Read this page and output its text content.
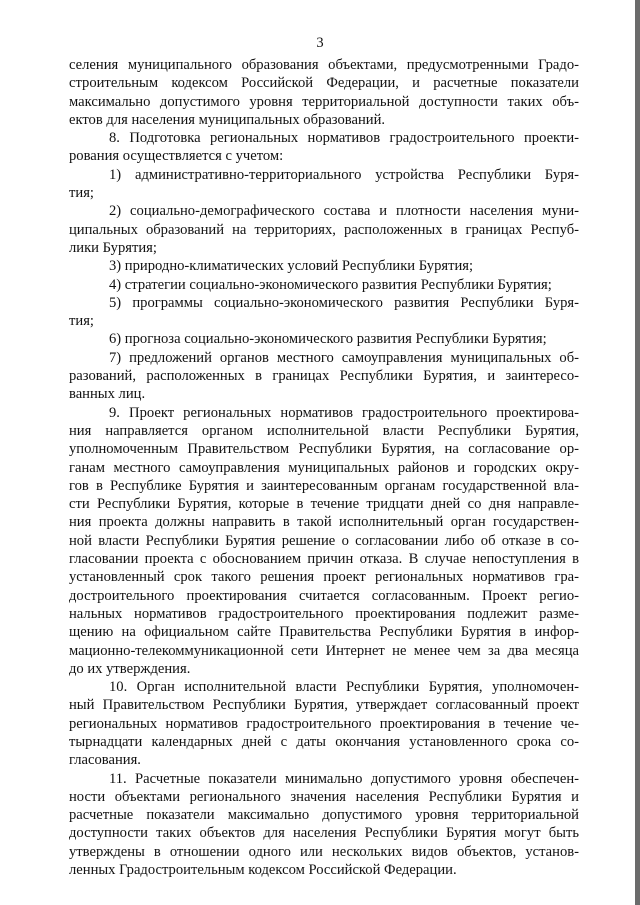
3
селения муниципального образования объектами, предусмотренными Градо-
строительным кодексом Российской Федерации, и расчетные показатели
максимально допустимого уровня территориальной доступности таких объ-
ектов для населения муниципальных образований.
8. Подготовка региональных нормативов градостроительного проекти-
рования осуществляется с учетом:
1) административно-территориального устройства Республики Буря-
тия;
2) социально-демографического состава и плотности населения муни-
ципальных образований на территориях, расположенных в границах Респуб-
лики Бурятия;
3) природно-климатических условий Республики Бурятия;
4) стратегии социально-экономического развития Республики Бурятия;
5) программы социально-экономического развития Республики Буря-
тия;
6) прогноза социально-экономического развития Республики Бурятия;
7) предложений органов местного самоуправления муниципальных об-
разований, расположенных в границах Республики Бурятия, и заинтересо-
ванных лиц.
9. Проект региональных нормативов градостроительного проектирова-
ния направляется органом исполнительной власти Республики Бурятия,
уполномоченным Правительством Республики Бурятия, на согласование ор-
ганам местного самоуправления муниципальных районов и городских окру-
гов в Республике Бурятия и заинтересованным органам государственной вла-
сти Республики Бурятия, которые в течение тридцати дней со дня направле-
ния проекта должны направить в такой исполнительный орган государствен-
ной власти Республики Бурятия решение о согласовании либо об отказе в со-
гласовании проекта с обоснованием причин отказа. В случае непоступления в
установленный срок такого решения проект региональных нормативов гра-
достроительного проектирования считается согласованным. Проект регио-
нальных нормативов градостроительного проектирования подлежит разме-
щению на официальном сайте Правительства Республики Бурятия в инфор-
мационно-телекоммуникационной сети Интернет не менее чем за два месяца
до их утверждения.
10. Орган исполнительной власти Республики Бурятия, уполномочен-
ный Правительством Республики Бурятия, утверждает согласованный проект
региональных нормативов градостроительного проектирования в течение че-
тырнадцати календарных дней с даты окончания установленного срока со-
гласования.
11. Расчетные показатели минимально допустимого уровня обеспечен-
ности объектами регионального значения населения Республики Бурятия и
расчетные показатели максимально допустимого уровня территориальной
доступности таких объектов для населения Республики Бурятия могут быть
утверждены в отношении одного или нескольких видов объектов, установ-
ленных Градостроительным кодексом Российской Федерации.
